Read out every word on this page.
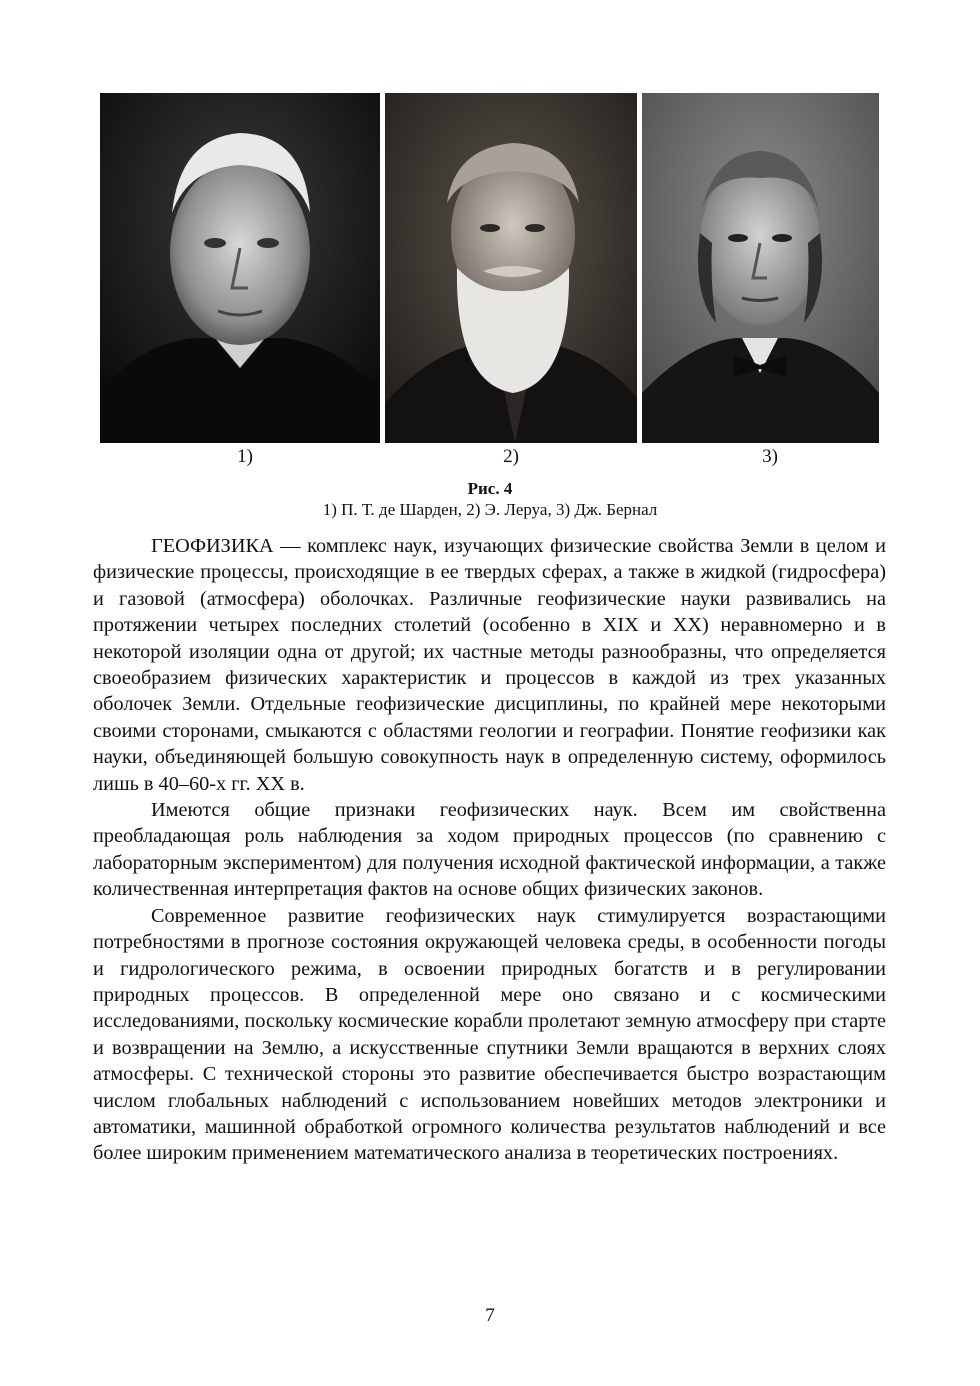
1)	2)	3)
Рис. 4
1) П. Т. де Шарден, 2) Э. Леруа, 3) Дж. Бернал

ГЕОФИЗИКА — комплекс наук, изучающих физические свойства Земли в целом и физические процессы, происходящие в ее твердых сферах, а также в жидкой (гидросфера) и газовой (атмосфера) оболочках. Различные геофизические науки развивались на протяжении четырех последних столетий (особенно в XIX и XX) неравномерно и в некоторой изоляции одна от другой; их частные методы разнообразны, что определяется своеобразием физических характеристик и процессов в каждой из трех указанных оболочек Земли. Отдельные геофизические дисциплины, по крайней мере некоторыми своими сторонами, смыкаются с областями геологии и географии. Понятие геофизики как науки, объединяющей большую совокупность наук в определенную систему, оформилось лишь в 40–60-х гг. XX в.

Имеются общие признаки геофизических наук. Всем им свойственна преобладающая роль наблюдения за ходом природных процессов (по сравнению с лабораторным экспериментом) для получения исходной фактической информации, а также количественная интерпретация фактов на основе общих физических законов.

Современное развитие геофизических наук стимулируется возрастающими потребностями в прогнозе состояния окружающей человека среды, в особенности погоды и гидрологического режима, в освоении природных богатств и в регулировании природных процессов. В определенной мере оно связано и с космическими исследованиями, поскольку космические корабли пролетают земную атмосферу при старте и возвращении на Землю, а искусственные спутники Земли вращаются в верхних слоях атмосферы. С технической стороны это развитие обеспечивается быстро возрастающим числом глобальных наблюдений с использованием новейших методов электроники и автоматики, машинной обработкой огромного количества результатов наблюдений и все более широким применением математического анализа в теоретических построениях.

7
